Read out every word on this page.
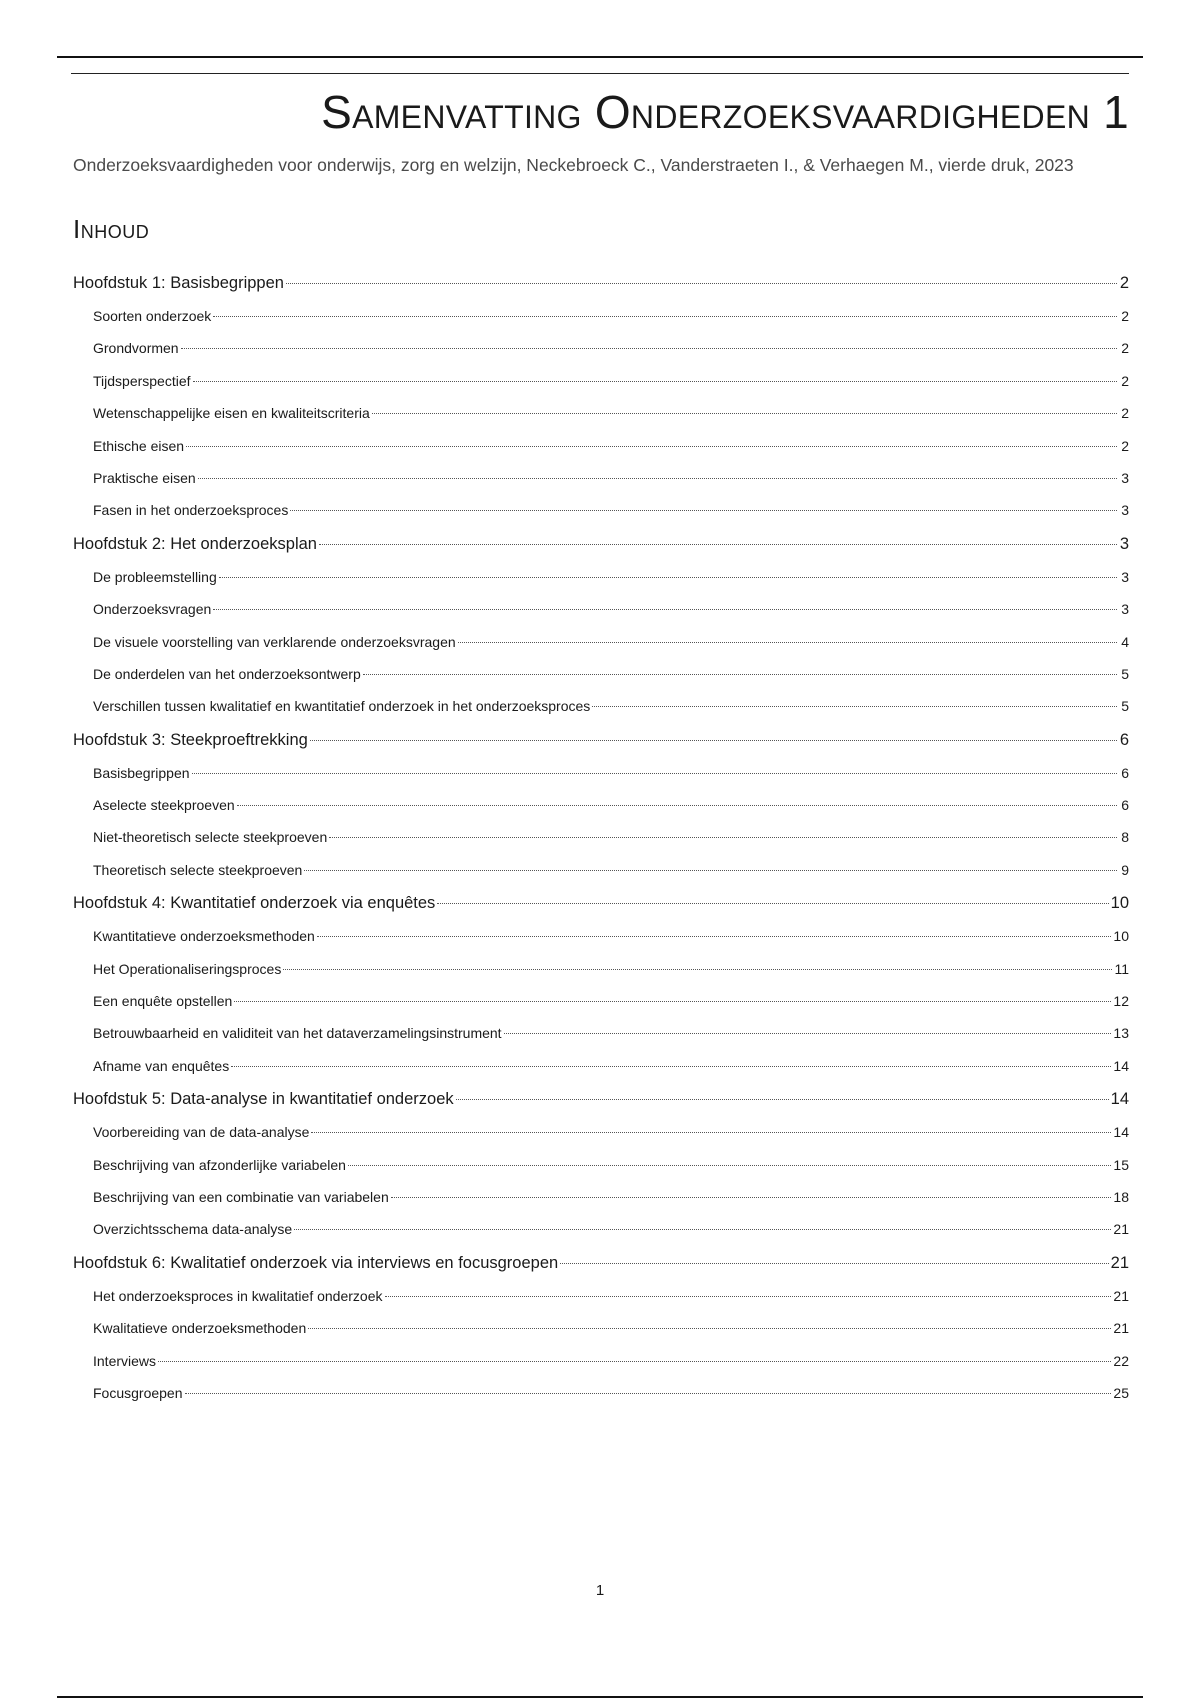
Samenvatting Onderzoeksvaardigheden 1
Onderzoeksvaardigheden voor onderwijs, zorg en welzijn, Neckebroeck C., Vanderstraeten I., & Verhaegen M., vierde druk, 2023
Inhoud
Hoofdstuk 1: Basisbegrippen	2
Soorten onderzoek	2
Grondvormen	2
Tijdsperspectief	2
Wetenschappelijke eisen en kwaliteitscriteria	2
Ethische eisen	2
Praktische eisen	3
Fasen in het onderzoeksproces	3
Hoofdstuk 2: Het onderzoeksplan	3
De probleemstelling	3
Onderzoeksvragen	3
De visuele voorstelling van verklarende onderzoeksvragen	4
De onderdelen van het onderzoeksontwerp	5
Verschillen tussen kwalitatief en kwantitatief onderzoek in het onderzoeksproces	5
Hoofdstuk 3: Steekproeftrekking	6
Basisbegrippen	6
Aselecte steekproeven	6
Niet-theoretisch selecte steekproeven	8
Theoretisch selecte steekproeven	9
Hoofdstuk 4: Kwantitatief onderzoek via enquêtes	10
Kwantitatieve onderzoeksmethoden	10
Het Operationaliseringsproces	11
Een enquête opstellen	12
Betrouwbaarheid en validiteit van het dataverzamelingsinstrument	13
Afname van enquêtes	14
Hoofdstuk 5: Data-analyse in kwantitatief onderzoek	14
Voorbereiding van de data-analyse	14
Beschrijving van afzonderlijke variabelen	15
Beschrijving van een combinatie van variabelen	18
Overzichtsschema data-analyse	21
Hoofdstuk 6: Kwalitatief onderzoek via interviews en focusgroepen	21
Het onderzoeksproces in kwalitatief onderzoek	21
Kwalitatieve onderzoeksmethoden	21
Interviews	22
Focusgroepen	25
1
